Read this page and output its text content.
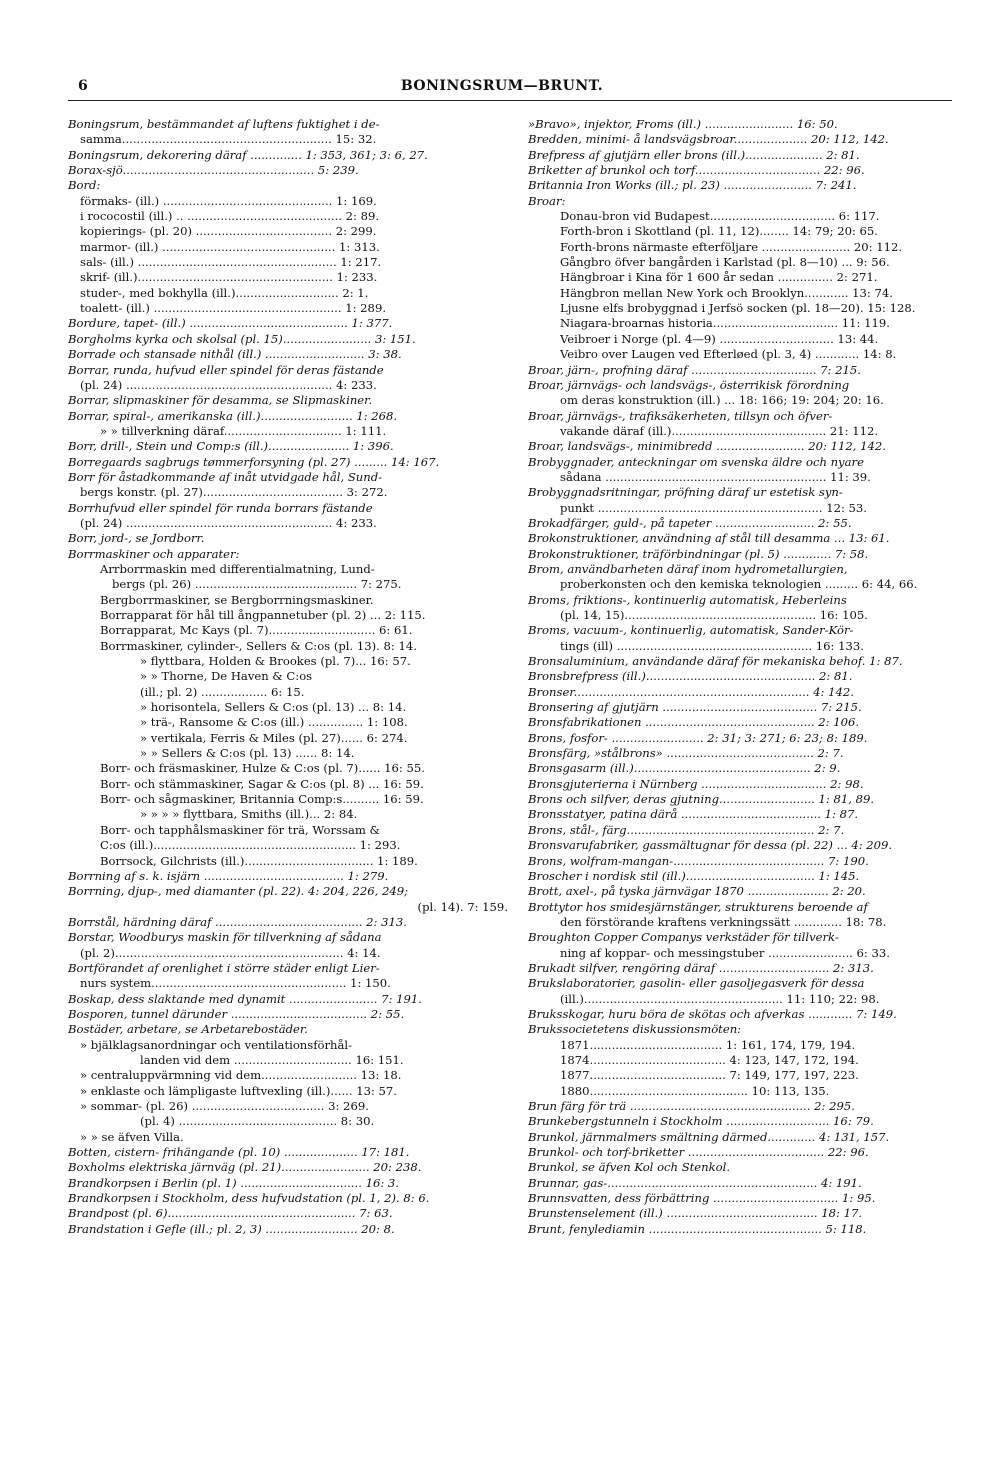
6	BONINGSRUM—BRUNT.
Boningsrum, bestämmandet af luftens fuktighet i de-
samma......................................................... 15: 32.
Boningsrum, dekorering däraf .............. 1: 353, 361; 3: 6, 27.
Borax-sjö.................................................... 5: 239.
Bord:
förmaks- (ill.) .............................................. 1: 169.
i rococostil (ill.) .. .......................................... 2: 89.
kopierings- (pl. 20) ..................................... 2: 299.
marmor- (ill.) ............................................... 1: 313.
sals- (ill.) ...................................................... 1: 217.
skrif- (ill.)..................................................... 1: 233.
studer-, med bokhylla (ill.)............................ 2: 1.
toalett- (ill.) ................................................... 1: 289.
Bordure, tapet- (ill.) ........................................... 1: 377.
Borgholms kyrka och skolsal (pl. 15)........................ 3: 151.
Borrade och stansade nithål (ill.) ........................... 3: 38.
Borrar, runda, hufvud eller spindel för deras fästande
(pl. 24) ........................................................ 4: 233.
Borrar, slipmaskiner för desamma, se Slipmaskiner.
Borrar, spiral-, amerikanska (ill.)......................... 1: 268.
» » tillverkning däraf................................ 1: 111.
Borr, drill-, Stein und Comp:s (ill.)...................... 1: 396.
Borregaards sagbrugs tømmerforsyning (pl. 27) ......... 14: 167.
Borr för åstadkommande af inåt utvidgade hål, Sund-
bergs konstr. (pl. 27)...................................... 3: 272.
Borrhufvud eller spindel för runda borrars fästande
(pl. 24) ........................................................ 4: 233.
Borr, jord-, se Jordborr.
Borrmaskiner och apparater:
Arrborrmaskin med differentialmatning, Lund-
bergs (pl. 26) ............................................ 7: 275.
Bergborrmaskiner, se Bergborrningsmaskiner.
Borrapparat för hål till ångpannetuber (pl. 2) ... 2: 115.
Borrapparat, Mc Kays (pl. 7)............................. 6: 61.
Borrmaskiner, cylinder-, Sellers & C:os (pl. 13). 8: 14.
» flyttbara, Holden & Brookes (pl. 7)... 16: 57.
» » Thorne, De Haven & C:os
(ill.; pl. 2) .................. 6: 15.
» horisontela, Sellers & C:os (pl. 13) ... 8: 14.
» trä-, Ransome & C:os (ill.) ............... 1: 108.
» vertikala, Ferris & Miles (pl. 27)...... 6: 274.
» » Sellers & C:os (pl. 13) ...... 8: 14.
Borr- och fräsmaskiner, Hulze & C:os (pl. 7)...... 16: 55.
Borr- och stämmaskiner, Sagar & C:os (pl. 8) ... 16: 59.
Borr- och sågmaskiner, Britannia Comp:s.......... 16: 59.
» » » » flyttbara, Smiths (ill.)... 2: 84.
Borr- och tapphålsmaskiner för trä, Worssam &
C:os (ill.)....................................................... 1: 293.
Borrsock, Gilchrists (ill.)................................... 1: 189.
Borrning af s. k. isjärn ...................................... 1: 279.
Borrning, djup-, med diamanter (pl. 22). 4: 204, 226, 249;
(pl. 14). 7: 159.
Borrstål, härdning däraf ........................................ 2: 313.
Borstar, Woodburys maskin för tillverkning af sådana
(pl. 2).............................................................. 4: 14.
Bortförandet af orenlighet i större städer enligt Lier-
nurs system..................................................... 1: 150.
Boskap, dess slaktande med dynamit ........................ 7: 191.
Bosporen, tunnel därunder ..................................... 2: 55.
Bostäder, arbetare, se Arbetarebostäder.
» bjälklagsanordningar och ventilationsförhål-
landen vid dem ................................ 16: 151.
» centraluppvärmning vid dem.......................... 13: 18.
» enklaste och lämpligaste luftvexling (ill.)...... 13: 57.
» sommar- (pl. 26) .................................... 3: 269.
(pl. 4) ........................................... 8: 30.
» » se äfven Villa.
Botten, cistern- frihängande (pl. 10) .................... 17: 181.
Boxholms elektriska järnväg (pl. 21)........................ 20: 238.
Brandkorpsen i Berlin (pl. 1) ................................. 16: 3.
Brandkorpsen i Stockholm, dess hufvudstation (pl. 1, 2). 8: 6.
Brandpost (pl. 6)................................................... 7: 63.
Brandstation i Gefle (ill.; pl. 2, 3) ......................... 20: 8.
»Bravo», injektor, Froms (ill.) ........................ 16: 50.
Bredden, minimi- å landsvägsbroar.................... 20: 112, 142.
Brefpress af gjutjärn eller brons (ill.)..................... 2: 81.
Briketter af brunkol och torf.................................. 22: 96.
Britannia Iron Works (ill.; pl. 23) ........................ 7: 241.
Broar:
Donau-bron vid Budapest.................................. 6: 117.
Forth-bron i Skottland (pl. 11, 12)........ 14: 79; 20: 65.
Forth-brons närmaste efterföljare ........................ 20: 112.
Gångbro öfver bangården i Karlstad (pl. 8—10) ... 9: 56.
Hängbroar i Kina för 1 600 år sedan ............... 2: 271.
Hängbron mellan New York och Brooklyn............ 13: 74.
Ljusne elfs brobyggnad i Jerfsö socken (pl. 18—20). 15: 128.
Niagara-broarnas historia.................................. 11: 119.
Veibroer i Norge (pl. 4—9) ............................... 13: 44.
Veibro over Laugen ved Efterløed (pl. 3, 4) ............ 14: 8.
Broar, järn-, profning däraf .................................. 7: 215.
Broar, järnvägs- och landsvägs-, österrikisk förordning
om deras konstruktion (ill.) ... 18: 166; 19: 204; 20: 16.
Broar, järnvägs-, trafiksäkerheten, tillsyn och öfver-
vakande däraf (ill.).......................................... 21: 112.
Broar, landsvägs-, minimibredd ........................ 20: 112, 142.
Brobyggnader, anteckningar om svenska äldre och nyare
sådana ............................................................ 11: 39.
Brobyggnadsritningar, pröfning däraf ur estetisk syn-
punkt ............................................................. 12: 53.
Brokadfärger, guld-, på tapeter ........................... 2: 55.
Brokonstruktioner, användning af stål till desamma ... 13: 61.
Brokonstruktioner, träförbindningar (pl. 5) ............. 7: 58.
Brom, användbarheten däraf inom hydrometallurgien,
proberkonsten och den kemiska teknologien ......... 6: 44, 66.
Broms, friktions-, kontinuerlig automatisk, Heberleins
(pl. 14, 15).................................................... 16: 105.
Broms, vacuum-, kontinuerlig, automatisk, Sander-Kör-
tings (ill) ..................................................... 16: 133.
Bronsaluminium, användande däraf för mekaniska behof. 1: 87.
Bronsbrefpress (ill.).............................................. 2: 81.
Bronser................................................................ 4: 142.
Bronsering af gjutjärn .......................................... 7: 215.
Bronsfabrikationen .............................................. 2: 106.
Brons, fosfor- ......................... 2: 31; 3: 271; 6: 23; 8: 189.
Bronsfärg, »stålbrons» ........................................ 2: 7.
Bronsgasarm (ill.)................................................ 2: 9.
Bronsgjuterierna i Nürnberg .................................. 2: 98.
Brons och silfver, deras gjutning.......................... 1: 81, 89.
Bronsstatyer, patina därå ...................................... 1: 87.
Brons, stål-, färg................................................... 2: 7.
Bronsvarufabriker, gassmältugnar för dessa (pl. 22) ... 4: 209.
Brons, wolfram-mangan-......................................... 7: 190.
Broscher i nordisk stil (ill.)................................... 1: 145.
Brott, axel-, på tyska järnvägar 1870 ...................... 2: 20.
Brottytor hos smidesjärnstänger, strukturens beroende af
den förstörande kraftens verkningssätt ............. 18: 78.
Broughton Copper Companys verkstäder för tillverk-
ning af koppar- och messingstuber ....................... 6: 33.
Brukadt silfver, rengöring däraf .............................. 2: 313.
Brukslaboratorier, gasolin- eller gasoljegasverk för dessa
(ill.)...................................................... 11: 110; 22: 98.
Bruksskogar, huru böra de skötas och afverkas ............ 7: 149.
Brukssocietetens diskussionsmöten:
1871.................................... 1: 161, 174, 179, 194.
1874..................................... 4: 123, 147, 172, 194.
1877..................................... 7: 149, 177, 197, 223.
1880........................................... 10: 113, 135.
Brun färg för trä ................................................. 2: 295.
Brunkebergstunneln i Stockholm ............................ 16: 79.
Brunkol, järnmalmers smältning därmed............. 4: 131, 157.
Brunkol- och torf-briketter ..................................... 22: 96.
Brunkol, se äfven Kol och Stenkol.
Brunnar, gas-......................................................... 4: 191.
Brunnsvatten, dess förbättring .................................. 1: 95.
Brunstenselement (ill.) ......................................... 18: 17.
Brunt, fenylediamin ............................................... 5: 118.
